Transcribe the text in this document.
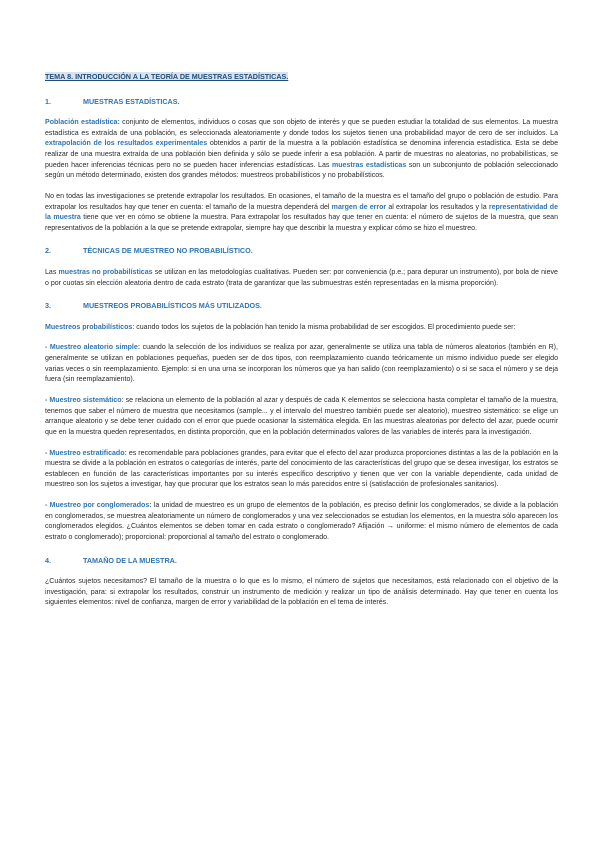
TEMA 8. INTRODUCCIÓN A LA TEORÍA DE MUESTRAS ESTADÍSTICAS.
1.	MUESTRAS ESTADÍSTICAS.

Población estadística: conjunto de elementos, individuos o cosas que son objeto de interés y que se pueden estudiar la totalidad de sus elementos. La muestra estadística es extraída de una población, es seleccionada aleatoriamente y donde todos los sujetos tienen una probabilidad mayor de cero de ser incluidos. La extrapolación de los resultados experimentales obtenidos a partir de la muestra a la población estadística se denomina inferencia estadística. Esta se debe realizar de una muestra extraída de una población bien definida y sólo se puede inferir a esa población. A partir de muestras no aleatorias, no probabilísticas, se pueden hacer inferencias técnicas pero no se pueden hacer inferencias estadísticas. Las muestras estadísticas son un subconjunto de población seleccionado según un método determinado, existen dos grandes métodos: muestreos probabilísticos y no probabilísticos.

No en todas las investigaciones se pretende extrapolar los resultados. En ocasiones, el tamaño de la muestra es el tamaño del grupo o población de estudio. Para extrapolar los resultados hay que tener en cuenta: el tamaño de la muestra dependerá del margen de error al extrapolar los resultados y la representatividad de la muestra tiene que ver en cómo se obtiene la muestra. Para extrapolar los resultados hay que tener en cuenta: el número de sujetos de la muestra, que sean representativos de la población a la que se pretende extrapolar, siempre hay que describir la muestra y explicar cómo se hizo el muestreo.

2.	TÉCNICAS DE MUESTREO NO PROBABILÍSTICO.

Las muestras no probabilísticas se utilizan en las metodologías cualitativas. Pueden ser: por conveniencia (p.e.; para depurar un instrumento), por bola de nieve o por cuotas sin elección aleatoria dentro de cada estrato (trata de garantizar que las submuestras estén representadas en la misma proporción).

3.	MUESTREOS PROBABILÍSTICOS MÁS UTILIZADOS.

Muestreos probabilísticos: cuando todos los sujetos de la población han tenido la misma probabilidad de ser escogidos. El procedimiento puede ser:

- Muestreo aleatorio simple: cuando la selección de los individuos se realiza por azar, generalmente se utiliza una tabla de números aleatorios (también en R), generalmente se utilizan en poblaciones pequeñas, pueden ser de dos tipos, con reemplazamiento cuando teóricamente un mismo individuo puede ser elegido varias veces o sin reemplazamiento. Ejemplo: si en una urna se incorporan los números que ya han salido (con reemplazamiento) o si se saca el número y se deja fuera (sin reemplazamiento).

- Muestreo sistemático: se relaciona un elemento de la población al azar y después de cada K elementos se selecciona hasta completar el tamaño de la muestra, tenemos que saber el número de muestra que necesitamos (sample... y el intervalo del muestreo también puede ser aleatorio), muestreo sistemático: se elige un arranque aleatorio y se debe tener cuidado con el error que puede ocasionar la sistemática elegida. En las muestras aleatorias por defecto del azar, puede ocurrir que en la muestra queden representados, en distinta proporción, que en la población determinados valores de las variables de interés para la investigación.

- Muestreo estratificado: es recomendable para poblaciones grandes, para evitar que el efecto del azar produzca proporciones distintas a las de la población en la muestra se divide a la población en estratos o categorías de interés, parte del conocimiento de las características del grupo que se desea investigar, los estratos se establecen en función de las características importantes por su interés específico descriptivo y tienen que ver con la variable dependiente, cada unidad de muestreo son los sujetos a investigar, hay que procurar que los estratos sean lo más parecidos entre sí (satisfacción de profesionales sanitarios).

- Muestreo por conglomerados: la unidad de muestreo es un grupo de elementos de la población, es preciso definir los conglomerados, se divide a la población en conglomerados, se muestrea aleatoriamente un número de conglomerados y una vez seleccionados se estudian los elementos, en la muestra sólo aparecen los conglomerados elegidos. ¿Cuántos elementos se deben tomar en cada estrato o conglomerado? Afijación → uniforme: el mismo número de elementos de cada estrato o conglomerado); proporcional: proporcional al tamaño del estrato o conglomerado.

4.	TAMAÑO DE LA MUESTRA.

¿Cuántos sujetos necesitamos? El tamaño de la muestra o lo que es lo mismo, el número de sujetos que necesitamos, está relacionado con el objetivo de la investigación, para: si extrapolar los resultados, construir un instrumento de medición y realizar un tipo de análisis determinado. Hay que tener en cuenta los siguientes elementos: nivel de confianza, margen de error y variabilidad de la población en el tema de interés.
